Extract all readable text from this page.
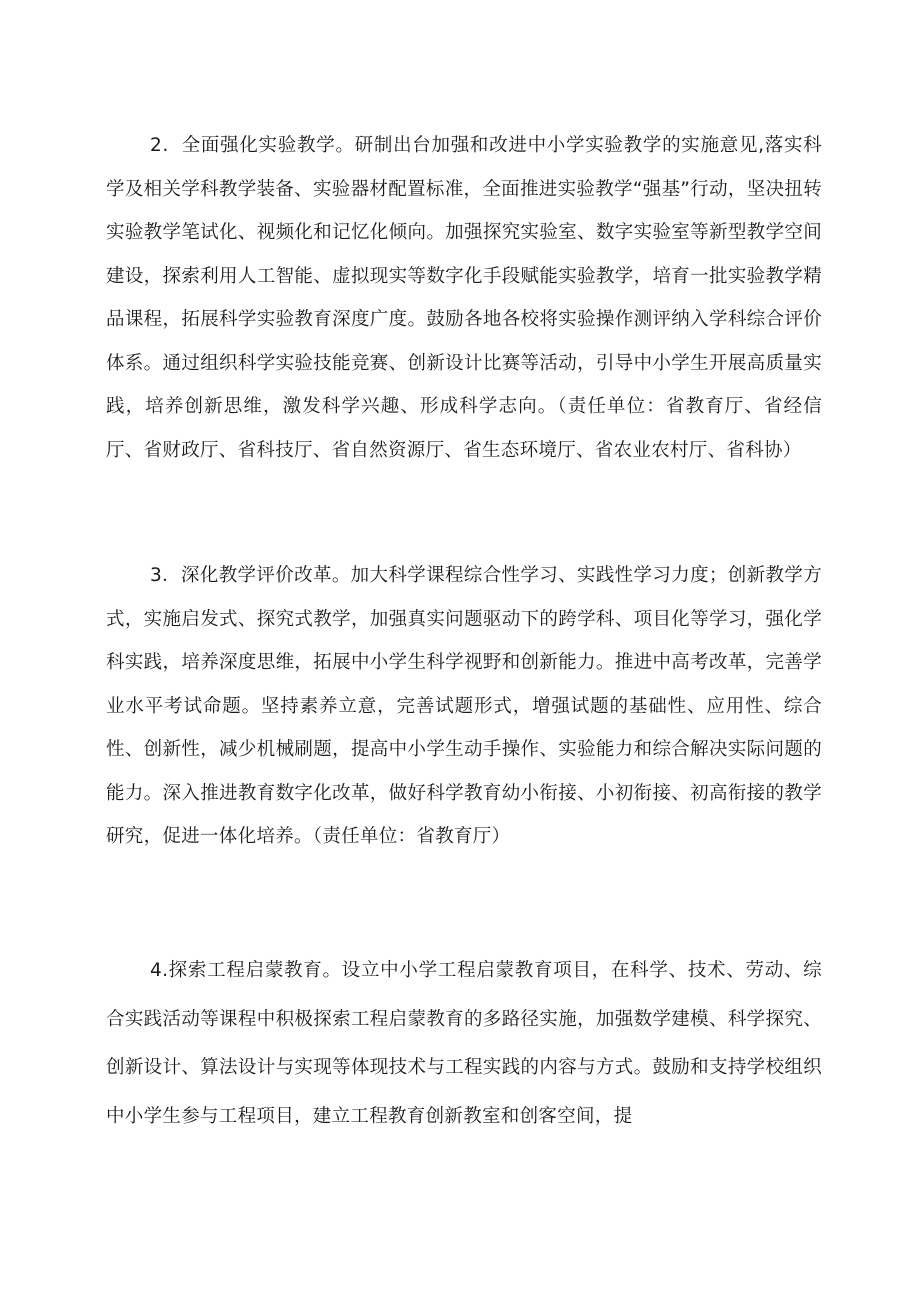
2．全面强化实验教学。研制出台加强和改进中小学实验教学的实施意见,落实科学及相关学科教学装备、实验器材配置标准，全面推进实验教学“强基”行动，坚决扭转实验教学笔试化、视频化和记忆化倾向。加强探究实验室、数字实验室等新型教学空间建设，探索利用人工智能、虚拟现实等数字化手段赋能实验教学，培育一批实验教学精品课程，拓展科学实验教育深度广度。鼓励各地各校将实验操作测评纳入学科综合评价体系。通过组织科学实验技能竞赛、创新设计比赛等活动，引导中小学生开展高质量实践，培养创新思维，激发科学兴趣、形成科学志向。（责任单位：省教育厅、省经信厅、省财政厅、省科技厅、省自然资源厅、省生态环境厅、省农业农村厅、省科协）

3．深化教学评价改革。加大科学课程综合性学习、实践性学习力度；创新教学方式，实施启发式、探究式教学，加强真实问题驱动下的跨学科、项目化等学习，强化学科实践，培养深度思维，拓展中小学生科学视野和创新能力。推进中高考改革，完善学业水平考试命题。坚持素养立意，完善试题形式，增强试题的基础性、应用性、综合性、创新性，减少机械刷题，提高中小学生动手操作、实验能力和综合解决实际问题的能力。深入推进教育数字化改革，做好科学教育幼小衔接、小初衔接、初高衔接的教学研究，促进一体化培养。（责任单位：省教育厅）

4.探索工程启蒙教育。设立中小学工程启蒙教育项目，在科学、技术、劳动、综合实践活动等课程中积极探索工程启蒙教育的多路径实施，加强数学建模、科学探究、创新设计、算法设计与实现等体现技术与工程实践的内容与方式。鼓励和支持学校组织中小学生参与工程项目，建立工程教育创新教室和创客空间，提
